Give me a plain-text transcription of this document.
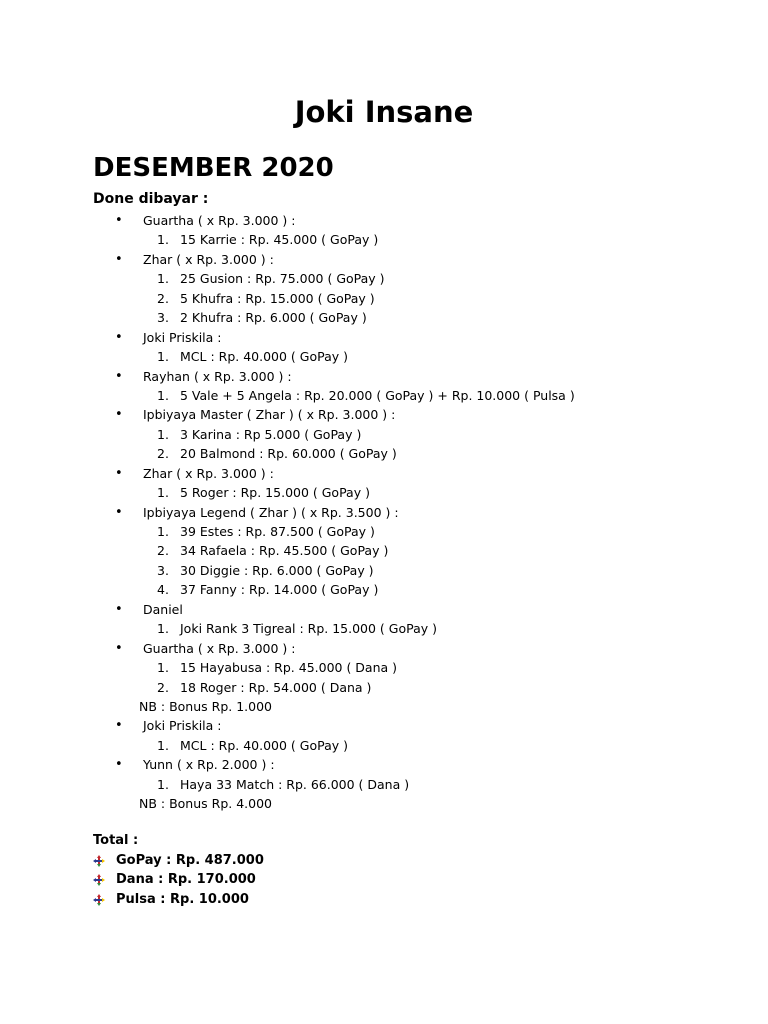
Joki Insane
DESEMBER 2020
Done dibayar :
• Guartha ( x Rp. 3.000 ) :
1. 15 Karrie : Rp. 45.000 ( GoPay )
• Zhar ( x Rp. 3.000 ) :
1. 25 Gusion : Rp. 75.000 ( GoPay )
2. 5 Khufra : Rp. 15.000 ( GoPay )
3. 2 Khufra : Rp. 6.000 ( GoPay )
• Joki Priskila :
1. MCL : Rp. 40.000 ( GoPay )
• Rayhan ( x Rp. 3.000 ) :
1. 5 Vale + 5 Angela : Rp. 20.000 ( GoPay ) + Rp. 10.000 ( Pulsa )
• Ipbiyaya Master ( Zhar ) ( x Rp. 3.000 ) :
1. 3 Karina : Rp 5.000 ( GoPay )
2. 20 Balmond : Rp. 60.000 ( GoPay )
• Zhar ( x Rp. 3.000 ) :
1. 5 Roger : Rp. 15.000 ( GoPay )
• Ipbiyaya Legend ( Zhar ) ( x Rp. 3.500 ) :
1. 39 Estes : Rp. 87.500 ( GoPay )
2. 34 Rafaela : Rp. 45.500 ( GoPay )
3. 30 Diggie : Rp. 6.000 ( GoPay )
4. 37 Fanny : Rp. 14.000 ( GoPay )
• Daniel
1. Joki Rank 3 Tigreal : Rp. 15.000 ( GoPay )
• Guartha ( x Rp. 3.000 ) :
1. 15 Hayabusa : Rp. 45.000 ( Dana )
2. 18 Roger : Rp. 54.000 ( Dana )
NB : Bonus Rp. 1.000
• Joki Priskila :
1. MCL : Rp. 40.000 ( GoPay )
• Yunn ( x Rp. 2.000 ) :
1. Haya 33 Match : Rp. 66.000 ( Dana )
NB : Bonus Rp. 4.000
Total :
GoPay : Rp. 487.000
Dana : Rp. 170.000
Pulsa : Rp. 10.000
